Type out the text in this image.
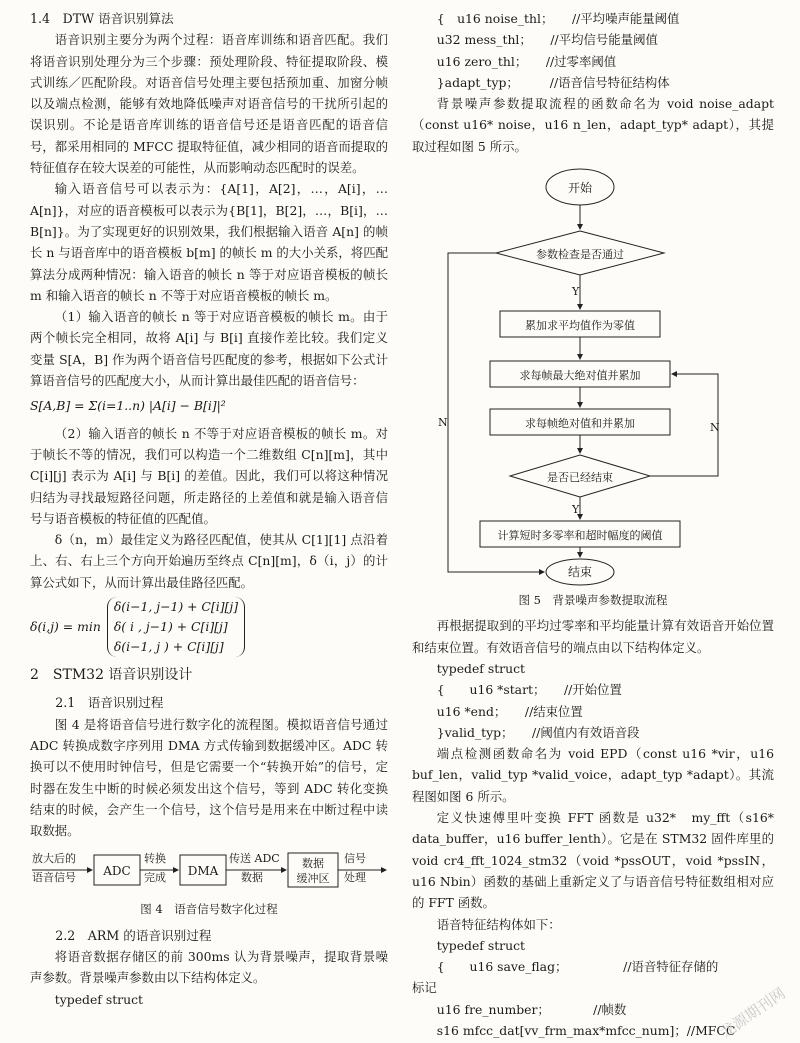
1.4　DTW 语音识别算法

语音识别主要分为两个过程：语音库训练和语音匹配。我们将语音识别处理分为三个步骤：预处理阶段、特征提取阶段、模式训练／匹配阶段。对语音信号处理主要包括预加重、加窗分帧以及端点检测，能够有效地降低噪声对语音信号的干扰所引起的误识别。不论是语音库训练的语音信号还是语音匹配的语音信号，都采用相同的 MFCC 提取特征值，减少相同的语音而提取的特征值存在较大误差的可能性，从而影响动态匹配时的误差。

输入语音信号可以表示为：{A[1]，A[2]，…，A[i]，…A[n]}，对应的语音模板可以表示为{B[1]，B[2]，…，B[i]，…B[n]}。为了实现更好的识别效果，我们根据输入语音 A[n] 的帧长 n 与语音库中的语音模板 b[m] 的帧长 m 的大小关系，将匹配算法分成两种情况：输入语音的帧长 n 等于对应语音模板的帧长 m 和输入语音的帧长 n 不等于对应语音模板的帧长 m。

（1）输入语音的帧长 n 等于对应语音模板的帧长 m。由于两个帧长完全相同，故将 A[i] 与 B[i] 直接作差比较。我们定义变量 S[A，B] 作为两个语音信号匹配度的参考，根据如下公式计算语音信号的匹配度大小，从而计算出最佳匹配的语音信号：

S[A,B] = Σ(i=1..n) |A[i] − B[i]|²

（2）输入语音的帧长 n 不等于对应语音模板的帧长 m。对于帧长不等的情况，我们可以构造一个二维数组 C[n][m]，其中 C[i][j] 表示为 A[i] 与 B[i] 的差值。因此，我们可以将这种情况归结为寻找最短路径问题，所走路径的上差值和就是输入语音信号与语音模板的特征值的匹配值。

δ（n，m）最佳定义为路径匹配值，使其从 C[1][1] 点沿着上、右、右上三个方向开始遍历至终点 C[n][m]，δ（i，j）的计算公式如下，从而计算出最佳路径匹配。

δ(i,j) = min
δ(i−1, j−1) + C[i][j]
δ( i , j−1) + C[i][j]
δ(i−1, j ) + C[i][j]
2　STM32 语音识别设计
2.1　语音识别过程

图 4 是将语音信号进行数字化的流程图。模拟语音信号通过 ADC 转换成数字序列用 DMA 方式传输到数据缓冲区。ADC 转换可以不使用时钟信号，但是它需要一个“转换开始”的信号，定时器在发生中断的时候必须发出这个信号，等到 ADC 转化变换结束的时候，会产生一个信号，这个信号是用来在中断过程中读取数据。

放大后的
语音信号 ADC
转换
完成 DMA
传送 ADC
数据
数据
缓冲区
信号
处理
图 4　语音信号数字化过程
2.2　ARM 的语音识别过程

将语音数据存储区的前 300ms 认为背景噪声，提取背景噪声参数。背景噪声参数由以下结构体定义。

typedef struct
{　u16 noise_thl；　　//平均噪声能量阈值
u32 mess_thl；　　//平均信号能量阈值
u16 zero_thl；　　//过零率阈值
}adapt_typ；　　　//语音信号特征结构体

背景噪声参数提取流程的函数命名为 void noise_adapt（const u16* noise，u16 n_len，adapt_typ* adapt），其提取过程如图 5 所示。

开始
参数检查是否通过
Y
累加求平均值作为零值
求每帧最大绝对值并累加
求每帧绝对值和并累加
是否已经结束
N
Y
计算短时多零率和超时幅度的阈值
结束
N
图 5　背景噪声参数提取流程

再根据提取到的平均过零率和平均能量计算有效语音开始位置和结束位置。有效语音信号的端点由以下结构体定义。

typedef struct
{　　u16 *start；　　//开始位置
u16 *end；　　//结束位置
}valid_typ；　　//阈值内有效语音段

端点检测函数命名为 void EPD（const u16 *vir，u16 buf_len，valid_typ *valid_voice，adapt_typ *adapt）。其流程图如图 6 所示。

定义快速傅里叶变换 FFT 函数是 u32*　my_fft（s16* data_buffer，u16 buffer_lenth）。它是在 STM32 固件库里的 void cr4_fft_1024_stm32（void *pssOUT，void *pssIN，u16 Nbin）函数的基础上重新定义了与语音信号特征数组相对应的 FFT 函数。

语音特征结构体如下：
typedef struct
{　　u16 save_flag；　　　　　//语音特征存储的

标记

u16 fre_number；　　　　//帧数
s16 mfcc_dat[vv_frm_max*mfcc_num]；//MFCC
龙源期刊网
